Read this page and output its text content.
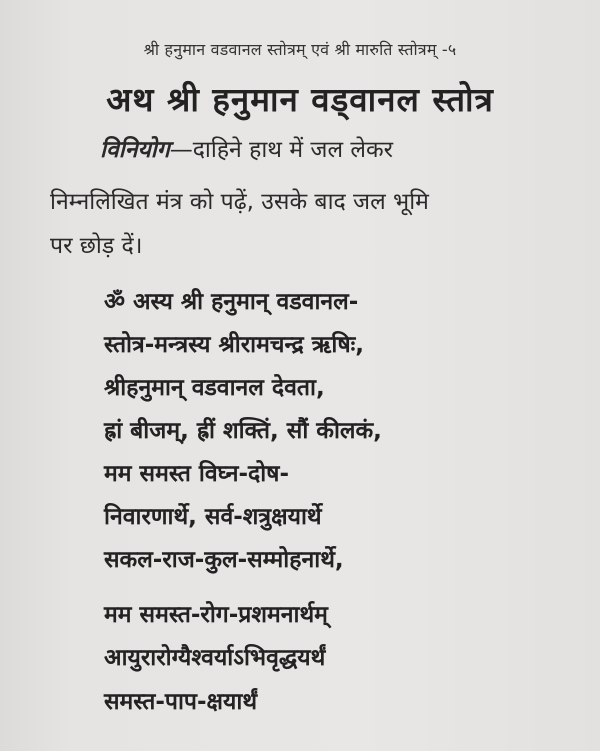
श्री हनुमान वडवानल स्तोत्रम् एवं श्री मारुति स्तोत्रम् -५
अथ श्री हनुमान वड्वानल स्तोत्र
विनियोग—दाहिने हाथ में जल लेकर
निम्नलिखित मंत्र को पढ़ें, उसके बाद जल भूमि
पर छोड़ दें।
ॐ अस्य श्री हनुमान् वडवानल-
स्तोत्र-मन्त्रस्य श्रीरामचन्द्र ऋषिः,
श्रीहनुमान् वडवानल देवता,
ह्रां बीजम्, ह्रीं शक्तिं, सौं कीलकं,
मम समस्त विघ्न-दोष-
निवारणार्थे, सर्व-शत्रुक्षयार्थे
सकल-राज-कुल-सम्मोहनार्थे,
मम समस्त-रोग-प्रशमनार्थम्
आयुरारोग्यैश्वर्याऽभिवृद्धयर्थं
समस्त-पाप-क्षयार्थं
